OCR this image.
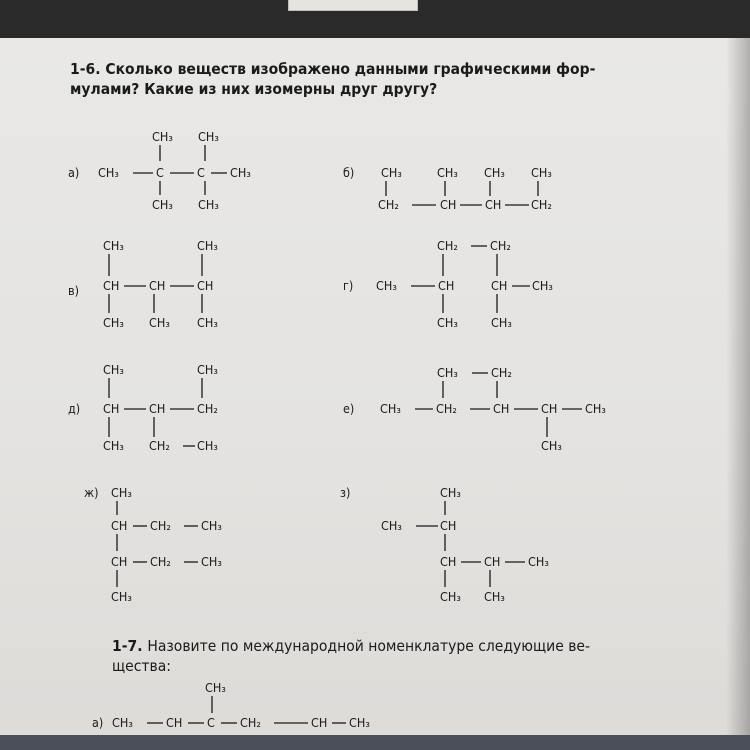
1-6. Сколько веществ изображено данными графическими фор-
мулами? Какие из них изомерны друг другу?
1-7. Назовите по международной номенклатуре следующие ве-
щества:
а) CH₃	C	C CH₃
CH₃ CH₃
CH₃ CH₃
б) CH₃	CH₃ CH₃ CH₃
CH₂	CH CH CH₂
в)
CH₃	CH₃
CH CH	CH
CH₃ CH₃ CH₃
г)
CH₂	CH₂
CH₃	CH	CH CH₃
CH₃	CH₃
д)
CH₃	CH₃
CH CH	CH₂
CH₃ CH₂ CH₃
е)
CH₃	CH₂
CH₃	CH₂	CH	CH CH₃
CH₃
ж) CH₃
CH CH₂ CH₃
CH CH₂ CH₃
CH₃
з)	CH₃
CH₃	CH
CH CH CH₃
CH₃ CH₃
CH₃
а) CH₃	CH C CH₂	CH CH₃
